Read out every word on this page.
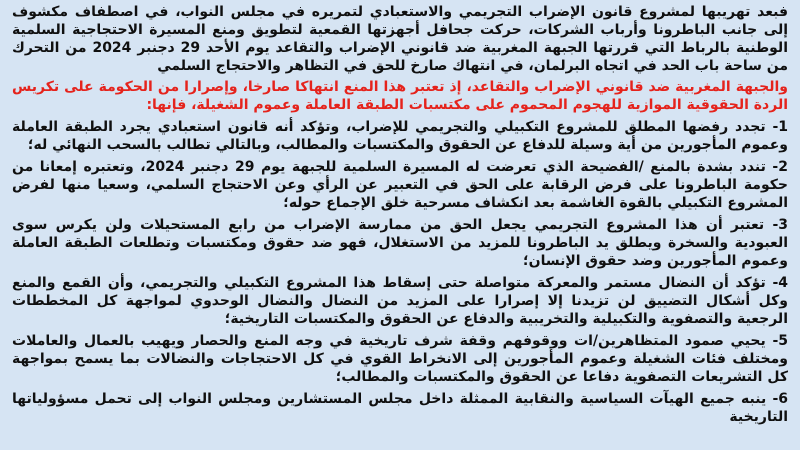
فبعد تهريبها لمشروع قانون الإضراب التجريمي والاستعبادي لتمريره في مجلس النواب، في اصطفاف مكشوف إلى جانب الباطرونا وأرباب الشركات، حركت جحافل أجهزتها القمعية لتطويق ومنع المسيرة الاحتجاجية السلمية الوطنية بالرباط التي قررتها الجبهة المغربية ضد قانوني الإضراب والتقاعد يوم الأحد 29 دجنبر 2024 من التحرك من ساحة باب الحد في اتجاه البرلمان، في انتهاك صارخ للحق في التظاهر والاحتجاج السلمي

والجبهة المغربية ضد قانوني الإضراب والتقاعد، إذ تعتبر هذا المنع انتهاكا صارخا، وإصرارا من الحكومة على تكريس الردة الحقوقية الموازية للهجوم المحموم على مكتسبات الطبقة العاملة وعموم الشغيلة، فإنها:

1- تجدد رفضها المطلق للمشروع التكبيلي والتجريمي للإضراب، وتؤكد أنه قانون استعبادي يجرد الطبقة العاملة وعموم المأجورين من أية وسيلة للدفاع عن الحقوق والمكتسبات والمطالب، وبالتالي تطالب بالسحب النهائي له؛

2- تندد بشدة بالمنع /الفضيحة الذي تعرضت له المسيرة السلمية للجبهة يوم 29 دجنبر 2024، وتعتبره إمعانا من حكومة الباطرونا على فرض الرقابة على الحق في التعبير عن الرأي وعن الاحتجاج السلمي، وسعيا منها لفرض المشروع التكبيلي بالقوة الغاشمة بعد انكشاف مسرحية خلق الإجماع حوله؛

3- تعتبر أن هذا المشروع التجريمي يجعل الحق من ممارسة الإضراب من رابع المستحيلات ولن يكرس سوى العبودية والسخرة ويطلق يد الباطرونا للمزيد من الاستغلال، فهو ضد حقوق ومكتسبات وتطلعات الطبقة العاملة وعموم المأجورين وضد حقوق الإنسان؛

4- تؤكد أن النضال مستمر والمعركة متواصلة حتى إسقاط هذا المشروع التكبيلي والتجريمي، وأن القمع والمنع وكل أشكال التضييق لن تزيدنا إلا إصرارا على المزيد من النضال والنضال الوحدوي لمواجهة كل المخططات الرجعية والتصفوية والتكبيلية والتخريبية والدفاع عن الحقوق والمكتسبات التاريخية؛

5- يحيي صمود المتظاهرين/ات ووقوفهم وقفة شرف تاريخية في وجه المنع والحصار ويهيب بالعمال والعاملات ومختلف فئات الشغيلة وعموم المأجورين إلى الانخراط القوي في كل الاحتجاجات والنضالات بما يسمح بمواجهة كل التشريعات التصفوية دفاعا عن الحقوق والمكتسبات والمطالب؛

6- ينبه جميع الهيآت السياسية والنقابية الممثلة داخل مجلس المستشارين ومجلس النواب إلى تحمل مسؤولياتها التاريخية
